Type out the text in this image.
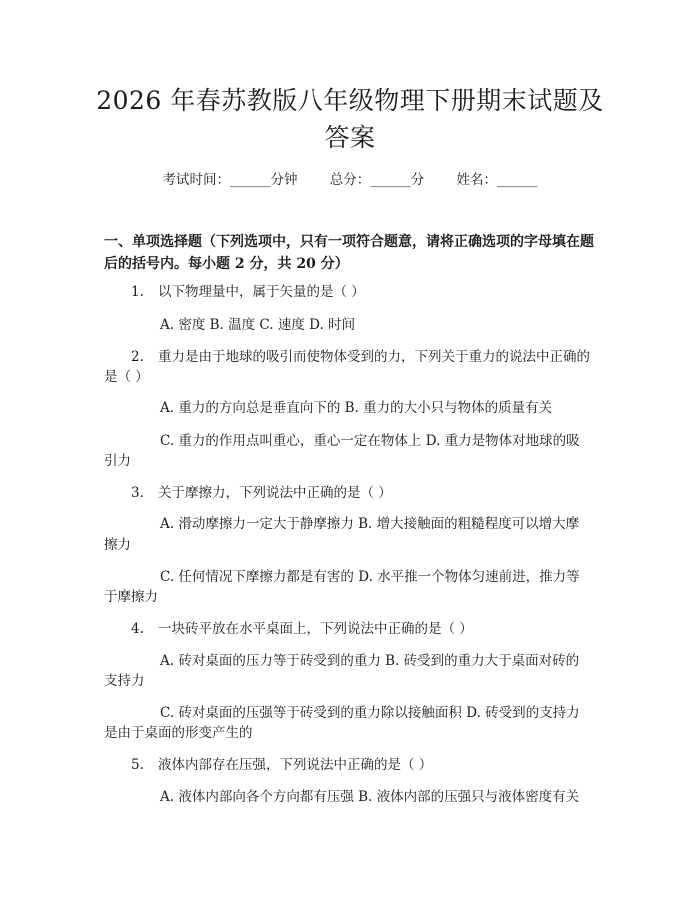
2026 年春苏教版八年级物理下册期末试题及
答案
考试时间：______分钟 总分：______分 姓名：______
一、单项选择题（下列选项中，只有一项符合题意，请将正确选项的字母填在题
后的括号内。每小题 2 分，共 20 分）
1. 以下物理量中，属于矢量的是（ ）
A. 密度 B. 温度 C. 速度 D. 时间
2. 重力是由于地球的吸引而使物体受到的力，下列关于重力的说法中正确的
是（ ）
A. 重力的方向总是垂直向下的 B. 重力的大小只与物体的质量有关
C. 重力的作用点叫重心，重心一定在物体上 D. 重力是物体对地球的吸
引力
3. 关于摩擦力，下列说法中正确的是（ ）
A. 滑动摩擦力一定大于静摩擦力 B. 增大接触面的粗糙程度可以增大摩
擦力
C. 任何情况下摩擦力都是有害的 D. 水平推一个物体匀速前进，推力等
于摩擦力
4. 一块砖平放在水平桌面上，下列说法中正确的是（ ）
A. 砖对桌面的压力等于砖受到的重力 B. 砖受到的重力大于桌面对砖的
支持力
C. 砖对桌面的压强等于砖受到的重力除以接触面积 D. 砖受到的支持力
是由于桌面的形变产生的
5. 液体内部存在压强，下列说法中正确的是（ ）
A. 液体内部向各个方向都有压强 B. 液体内部的压强只与液体密度有关
